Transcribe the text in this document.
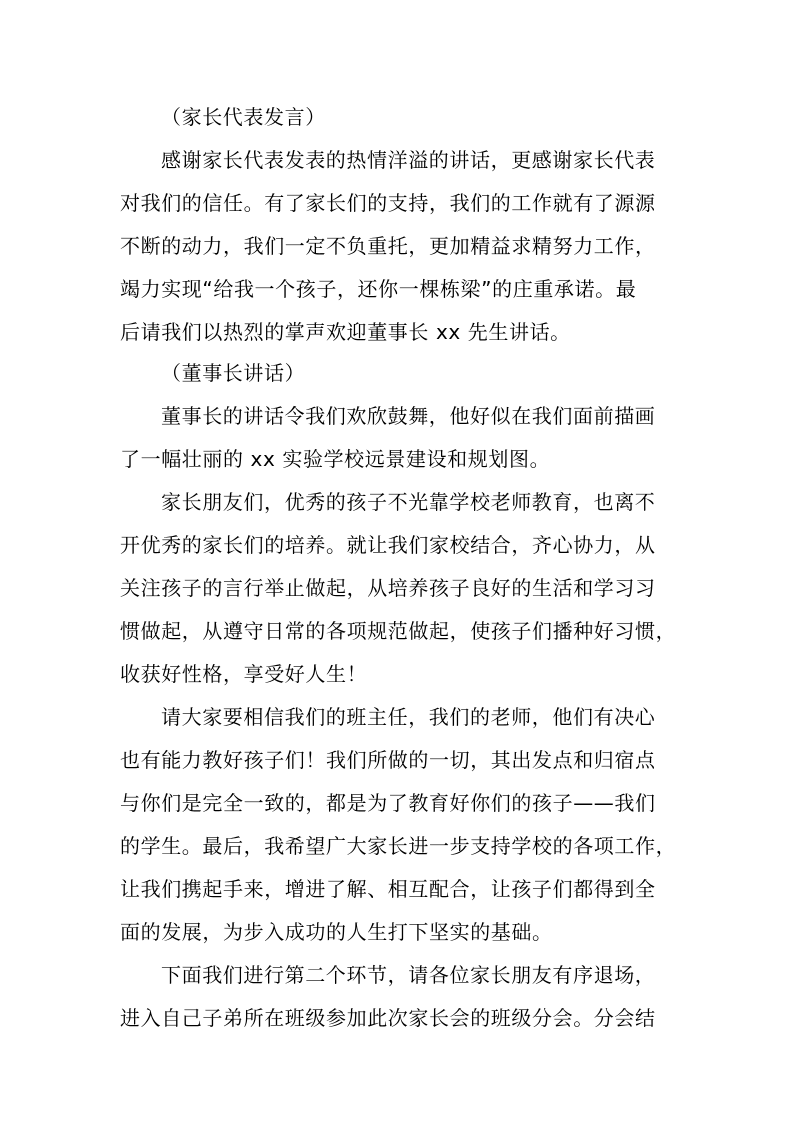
（家长代表发言）
感谢家长代表发表的热情洋溢的讲话，更感谢家长代表
对我们的信任。有了家长们的支持，我们的工作就有了源源
不断的动力，我们一定不负重托，更加精益求精努力工作，
竭力实现“给我一个孩子，还你一棵栋梁”的庄重承诺。最
后请我们以热烈的掌声欢迎董事长 xx 先生讲话。
（董事长讲话）
董事长的讲话令我们欢欣鼓舞，他好似在我们面前描画
了一幅壮丽的 xx 实验学校远景建设和规划图。
家长朋友们，优秀的孩子不光靠学校老师教育，也离不
开优秀的家长们的培养。就让我们家校结合，齐心协力，从
关注孩子的言行举止做起，从培养孩子良好的生活和学习习
惯做起，从遵守日常的各项规范做起，使孩子们播种好习惯，
收获好性格，享受好人生！
请大家要相信我们的班主任，我们的老师，他们有决心
也有能力教好孩子们！我们所做的一切，其出发点和归宿点
与你们是完全一致的，都是为了教育好你们的孩子——我们
的学生。最后，我希望广大家长进一步支持学校的各项工作，
让我们携起手来，增进了解、相互配合，让孩子们都得到全
面的发展，为步入成功的人生打下坚实的基础。
下面我们进行第二个环节，请各位家长朋友有序退场，
进入自己子弟所在班级参加此次家长会的班级分会。分会结
